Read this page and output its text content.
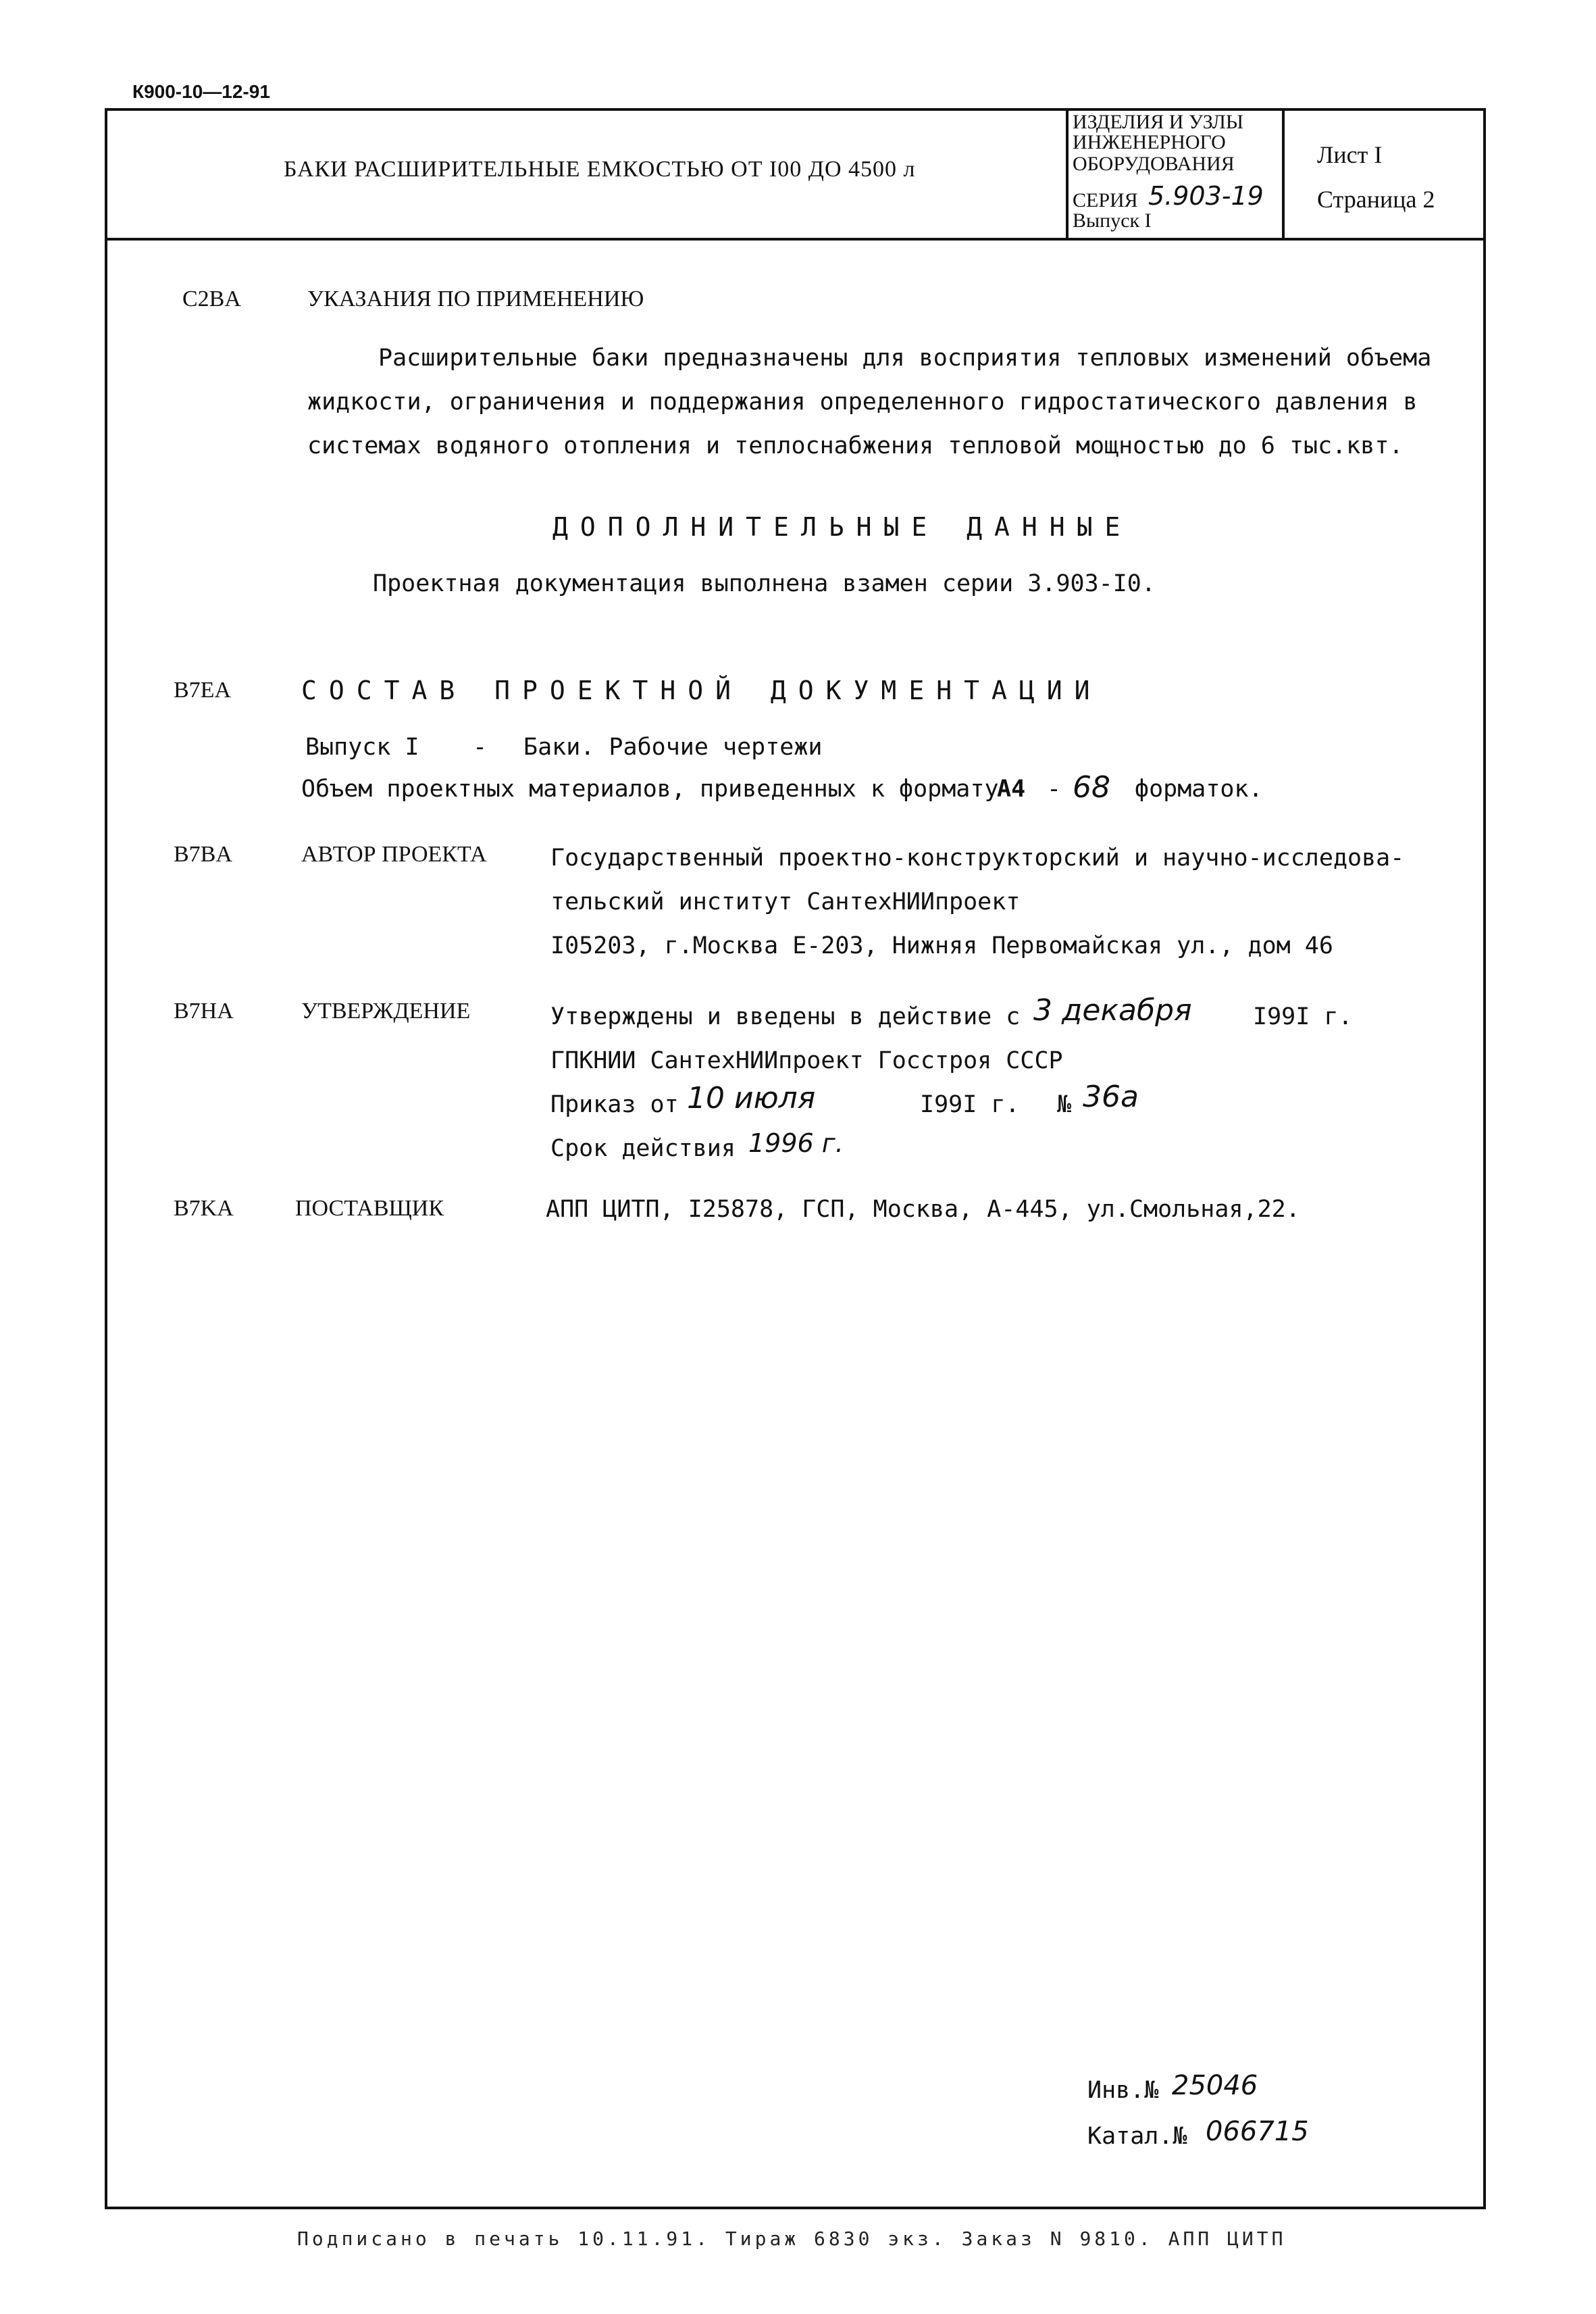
К900-10—12-91
БАКИ РАСШИРИТЕЛЬНЫЕ ЕМКОСТЬЮ ОТ I00 ДО 4500 л
ИЗДЕЛИЯ И УЗЛЫ
ИНЖЕНЕРНОГО
ОБОРУДОВАНИЯ
СЕРИЯ 5.903-19
Выпуск I
Лист I
Страница 2
C2BA	УКАЗАНИЯ ПО ПРИМЕНЕНИЮ
Расширительные баки предназначены для восприятия тепловых изменений объема
жидкости, ограничения и поддержания определенного гидростатического давления в
системах водяного отопления и теплоснабжения тепловой мощностью до 6 тыс.квт.
ДОПОЛНИТЕЛЬНЫЕ ДАННЫЕ
Проектная документация выполнена взамен серии 3.903-I0.
B7EA	СОСТАВ ПРОЕКТНОЙ ДОКУМЕНТАЦИИ
Выпуск I - Баки. Рабочие чертежи
Объем проектных материалов, приведенных к формату
А4 - 68 форматок.
B7BA	АВТОР ПРОЕКТА	Государственный проектно-конструкторский и научно-исследова-
тельский институт СантехНИИпроект
I05203, г.Москва Е-203, Нижняя Первомайская ул., дом 46
B7HA	УТВЕРЖДЕНИЕ	Утверждены и введены в действие с 3 декабря	I99I г.
ГПКНИИ СантехНИИпроект Госстроя СССР
Приказ от 10 июля	I99I г. № 36а
Срок действия 1996 г.
B7KA	ПОСТАВЩИК	АПП ЦИТП, I25878, ГСП, Москва, А-445, ул.Смольная,22.
Инв.№ 25046
Катал.№ 066715
Подписано в печать 10.11.91. Тираж 6830 экз. Заказ N 9810. АПП ЦИТП
